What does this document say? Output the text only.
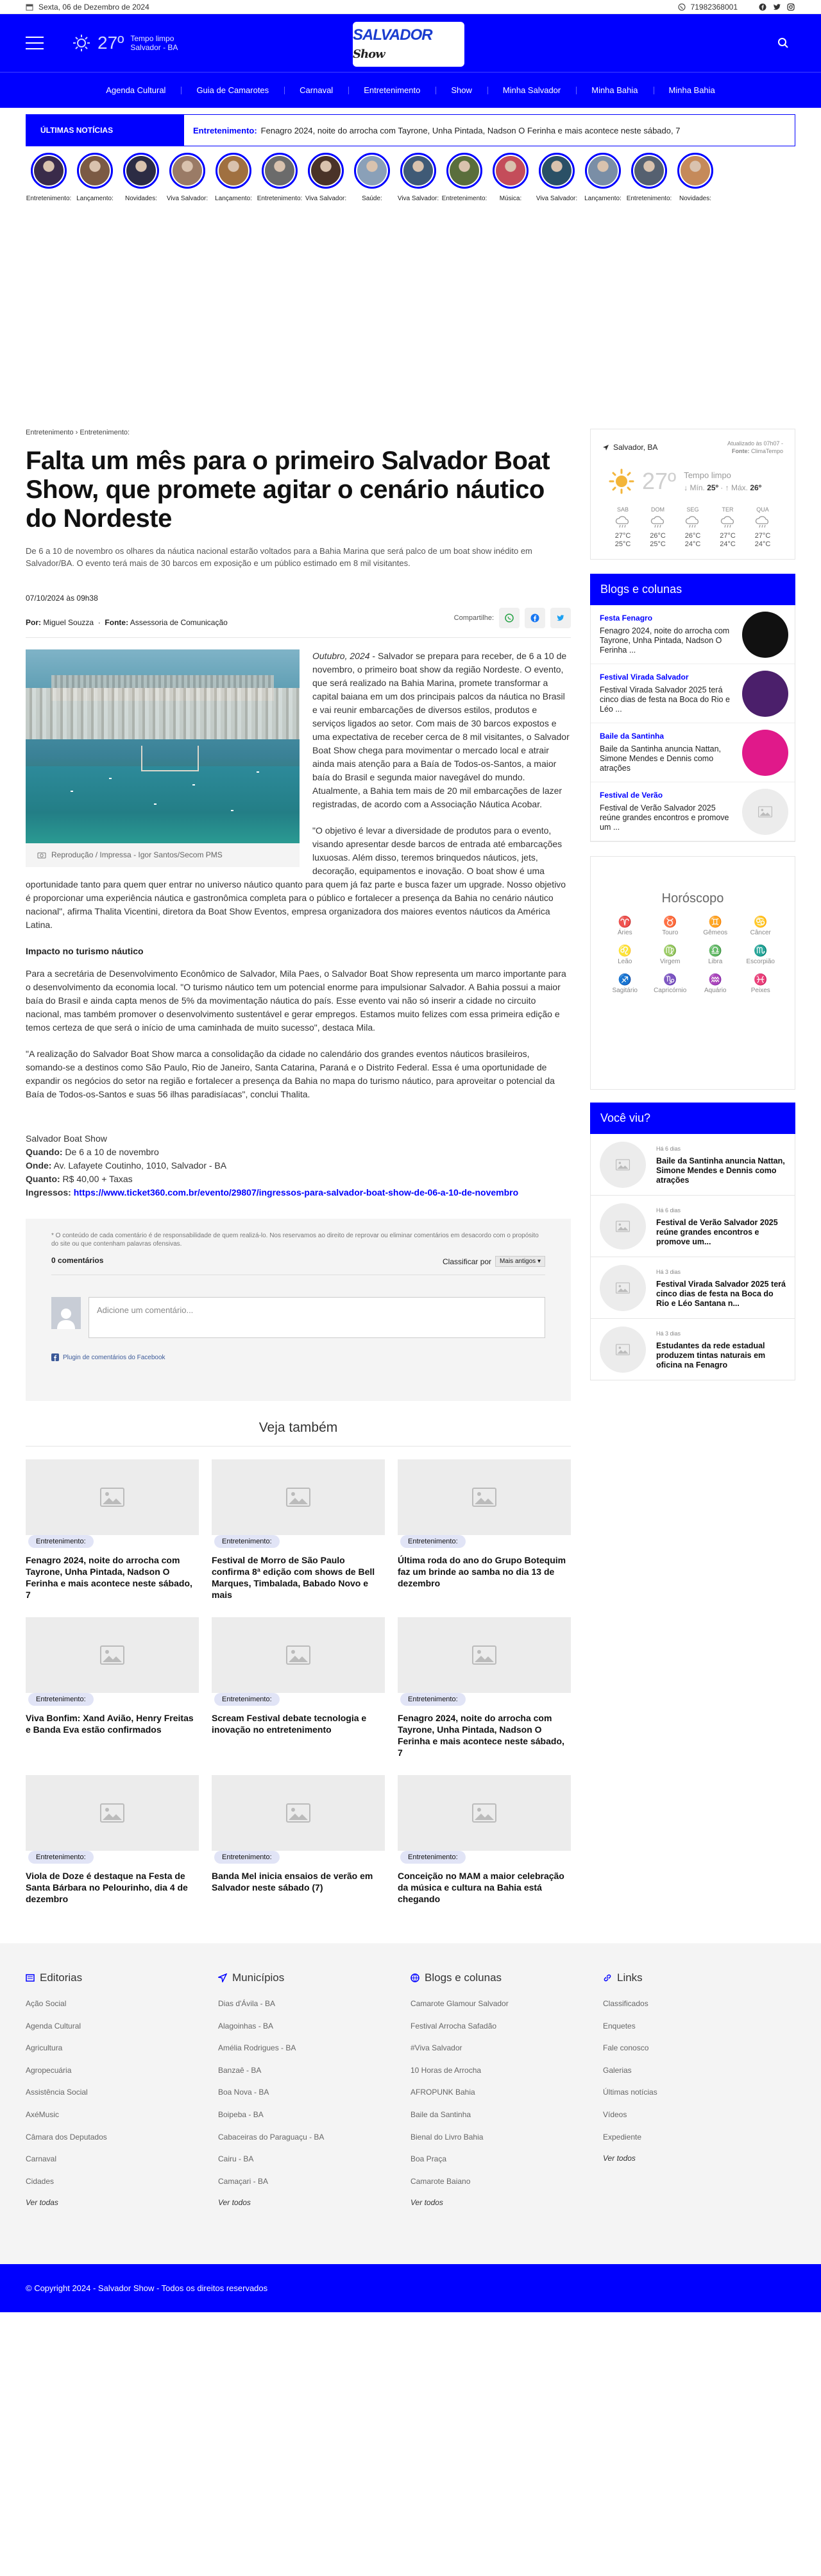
Sexta, 06 de Dezembro de 2024	71982368001
27º Tempo limpo
Salvador - BA
SALVADOR Show
Agenda Cultural	Guia de Camarotes	Carnaval	Entretenimento	Show	Minha Salvador	Minha Bahia	Minha Bahia
ÚLTIMAS NOTÍCIAS	Entretenimento: Fenagro 2024, noite do arrocha com Tayrone, Unha Pintada, Nadson O Ferinha e mais acontece neste sábado, 7
Entretenimento: Lançamento:	Novidades:	Viva Salvador:	Lançamento: Entretenimento: Viva Salvador:	Saúde:	Viva Salvador: Entretenimento:	Música:	Viva Salvador:	Lançamento: Entretenimento:	Novidades:
Entretenimento › Entretenimento:
Falta um mês para o primeiro Salvador Boat Show, que promete agitar o cenário náutico do Nordeste
De 6 a 10 de novembro os olhares da náutica nacional estarão voltados para a Bahia Marina que será palco de um boat show inédito em Salvador/BA. O evento terá mais de 30 barcos em exposição e um público estimado em 8 mil visitantes.
07/10/2024 às 09h38
Por: Miguel Souzza  ·  Fonte: Assessoria de Comunicação	Compartilhe:
Reprodução / Impressa - Igor Santos/Secom PMS

Outubro, 2024 - Salvador se prepara para receber, de 6 a 10 de novembro, o primeiro boat show da região Nordeste. O evento, que será realizado na Bahia Marina, promete transformar a capital baiana em um dos principais palcos da náutica no Brasil e vai reunir embarcações de diversos estilos, produtos e serviços ligados ao setor. Com mais de 30 barcos expostos e uma expectativa de receber cerca de 8 mil visitantes, o Salvador Boat Show chega para movimentar o mercado local e atrair ainda mais atenção para a Baía de Todos-os-Santos, a maior baía do Brasil e segunda maior navegável do mundo. Atualmente, a Bahia tem mais de 20 mil embarcações de lazer registradas, de acordo com a Associação Náutica Acobar.

"O objetivo é levar a diversidade de produtos para o evento, visando apresentar desde barcos de entrada até embarcações luxuosas. Além disso, teremos brinquedos náuticos, jets, decoração, equipamentos e inovação. O boat show é uma oportunidade tanto para quem quer entrar no universo náutico quanto para quem já faz parte e busca fazer um upgrade. Nosso objetivo é proporcionar uma experiência náutica e gastronômica completa para o público e fortalecer a presença da Bahia no cenário náutico nacional", afirma Thalita Vicentini, diretora da Boat Show Eventos, empresa organizadora dos maiores eventos náuticos da América Latina.

Impacto no turismo náutico

Para a secretária de Desenvolvimento Econômico de Salvador, Mila Paes, o Salvador Boat Show representa um marco importante para o desenvolvimento da economia local. "O turismo náutico tem um potencial enorme para impulsionar Salvador. A Bahia possui a maior baía do Brasil e ainda capta menos de 5% da movimentação náutica do país. Esse evento vai não só inserir a cidade no circuito nacional, mas também promover o desenvolvimento sustentável e gerar empregos. Estamos muito felizes com essa primeira edição e temos certeza de que será o início de uma caminhada de muito sucesso", destaca Mila.

"A realização do Salvador Boat Show marca a consolidação da cidade no calendário dos grandes eventos náuticos brasileiros, somando-se a destinos como São Paulo, Rio de Janeiro, Santa Catarina, Paraná e o Distrito Federal. Essa é uma oportunidade de expandir os negócios do setor na região e fortalecer a presença da Bahia no mapa do turismo náutico, para aproveitar o potencial da Baía de Todos-os-Santos e suas 56 ilhas paradisíacas", conclui Thalita.

Salvador Boat Show
Quando: De 6 a 10 de novembro
Onde: Av. Lafayete Coutinho, 1010, Salvador - BA
Quanto: R$ 40,00 + Taxas
Ingressos: https://www.ticket360.com.br/evento/29807/ingressos-para-salvador-boat-show-de-06-a-10-de-novembro
* O conteúdo de cada comentário é de responsabilidade de quem realizá-lo. Nos reservamos ao direito de reprovar ou eliminar comentários em desacordo com o propósito do site ou que contenham palavras ofensivas.
0 comentários	Classificar por	Mais antigos ▾
Adicione um comentário...
Plugin de comentários do Facebook
Veja também
Entretenimento:
Fenagro 2024, noite do arrocha com Tayrone, Unha Pintada, Nadson O Ferinha e mais acontece neste sábado, 7
Entretenimento:
Festival de Morro de São Paulo confirma 8ª edição com shows de Bell Marques, Timbalada, Babado Novo e mais
Entretenimento:
Última roda do ano do Grupo Botequim faz um brinde ao samba no dia 13 de dezembro
Entretenimento:
Viva Bonfim: Xand Avião, Henry Freitas e Banda Eva estão confirmados
Entretenimento:
Scream Festival debate tecnologia e inovação no entretenimento
Entretenimento:
Fenagro 2024, noite do arrocha com Tayrone, Unha Pintada, Nadson O Ferinha e mais acontece neste sábado, 7
Entretenimento:
Viola de Doze é destaque na Festa de Santa Bárbara no Pelourinho, dia 4 de dezembro
Entretenimento:
Banda Mel inicia ensaios de verão em Salvador neste sábado (7)
Entretenimento:
Conceição no MAM a maior celebração da música e cultura na Bahia está chegando
Salvador, BA	Atualizado às 07h07 -
Fonte: ClimaTempo
27º Tempo limpo
↓ Mín. 25º · ↑ Máx. 26º
SAB
27°C
25°C
DOM
26°C
25°C
SEG
26°C
24°C
TER
27°C
24°C
QUA
27°C
24°C
Blogs e colunas
Festa Fenagro
Fenagro 2024, noite do arrocha com Tayrone, Unha Pintada, Nadson O Ferinha ...
Festival Virada Salvador
Festival Virada Salvador 2025 terá cinco dias de festa na Boca do Rio e Léo ...
Baile da Santinha
Baile da Santinha anuncia Nattan, Simone Mendes e Dennis como atrações
Festival de Verão
Festival de Verão Salvador 2025 reúne grandes encontros e promove um ...
Horóscopo
♈
Áries
♉
Touro
♊
Gêmeos
♋
Câncer
♌
Leão
♍
Virgem
♎
Libra
♏
Escorpião
♐
Sagitário
♑
Capricórnio
♒
Aquário
♓
Peixes
Você viu?
Há 6 dias
Baile da Santinha anuncia Nattan, Simone Mendes e Dennis como atrações
Há 6 dias
Festival de Verão Salvador 2025 reúne grandes encontros e promove um...
Há 3 dias
Festival Virada Salvador 2025 terá cinco dias de festa na Boca do Rio e Léo Santana n...
Há 3 dias
Estudantes da rede estadual produzem tintas naturais em oficina na Fenagro
Editorias
Ação Social
Agenda Cultural
Agricultura
Agropecuária
Assistência Social
AxéMusic
Câmara dos Deputados
Carnaval
Cidades
Ver todas
Municípios
Dias d'Ávila - BA
Alagoinhas - BA
Amélia Rodrigues - BA
Banzaê - BA
Boa Nova - BA
Boipeba - BA
Cabaceiras do Paraguaçu - BA
Cairu - BA
Camaçari - BA
Ver todos
Blogs e colunas
Camarote Glamour Salvador
Festival Arrocha Safadão
#Viva Salvador
10 Horas de Arrocha
AFROPUNK Bahia
Baile da Santinha
Bienal do Livro Bahia
Boa Praça
Camarote Baiano
Ver todos
Links
Classificados
Enquetes
Fale conosco
Galerias
Últimas notícias
Vídeos
Expediente
Ver todos
© Copyright 2024 - Salvador Show - Todos os direitos reservados
